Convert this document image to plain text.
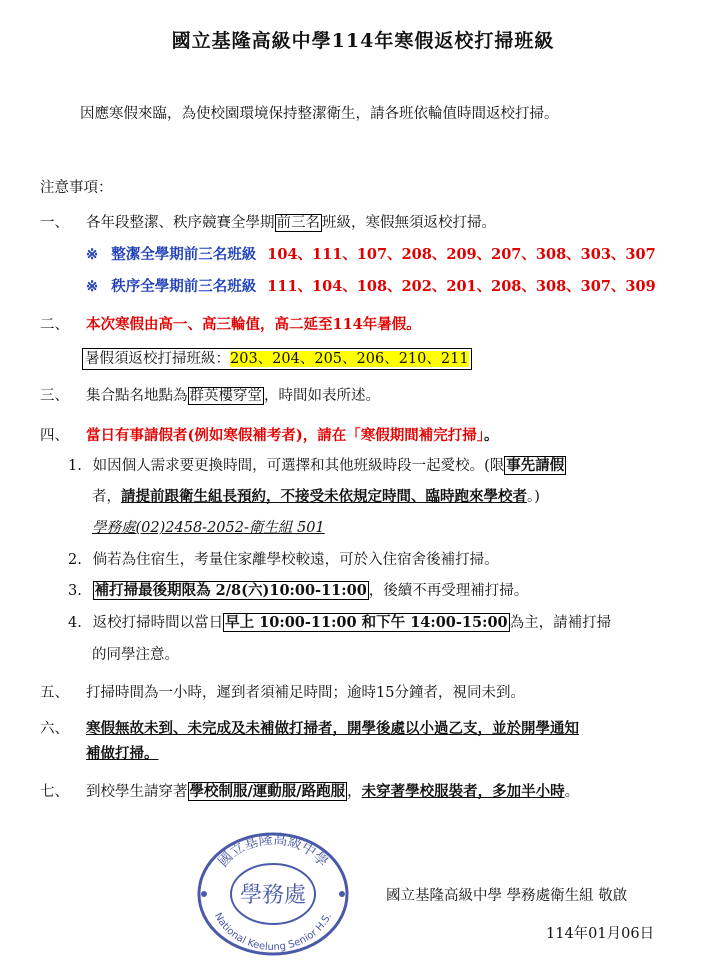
國立基隆高級中學114年寒假返校打掃班級
因應寒假來臨，為使校園環境保持整潔衛生，請各班依輪值時間返校打掃。
注意事項：
一、 各年段整潔、秩序競賽全學期 前三名 班級，寒假無須返校打掃。
※ 整潔全學期前三名班級 104、111、107、208、209、207、308、303、307
※ 秩序全學期前三名班級 111、104、108、202、201、208、308、307、309
二、 本次寒假由高一、高三輪值，高二延至114年暑假。
暑假須返校打掃班級：203、204、205、206、210、211
三、 集合點名地點為 群英樓穿堂 ，時間如表所述。
四、 當日有事請假者(例如寒假補考者)，請在「寒假期間補完打掃」。
1. 如因個人需求要更換時間，可選擇和其他班級時段一起愛校。(限 事先請假
者，請提前跟衛生組長預約，不接受未依規定時間、臨時跑來學校者。)
學務處(02)2458-2052-衛生組 501
2. 倘若為住宿生，考量住家離學校較遠，可於入住宿舍後補打掃。
3. 補打掃最後期限為 2/8(六)10:00-11:00 ，後續不再受理補打掃。
4. 返校打掃時間以當日 早上 10:00-11:00 和下午 14:00-15:00 為主，請補打掃
的同學注意。
五、 打掃時間為一小時，遲到者須補足時間；逾時15分鐘者，視同未到。
六、 寒假無故未到、未完成及未補做打掃者，開學後處以小過乙支，並於開學通知
補做打掃。
七、 到校學生請穿著 學校制服/運動服/路跑服 ，未穿著學校服裝者，多加半小時。
國立基隆高級中學
學務處
National Keelung Senior H.S.
國立基隆高級中學 學務處衛生組 敬啟
114年01月06日
